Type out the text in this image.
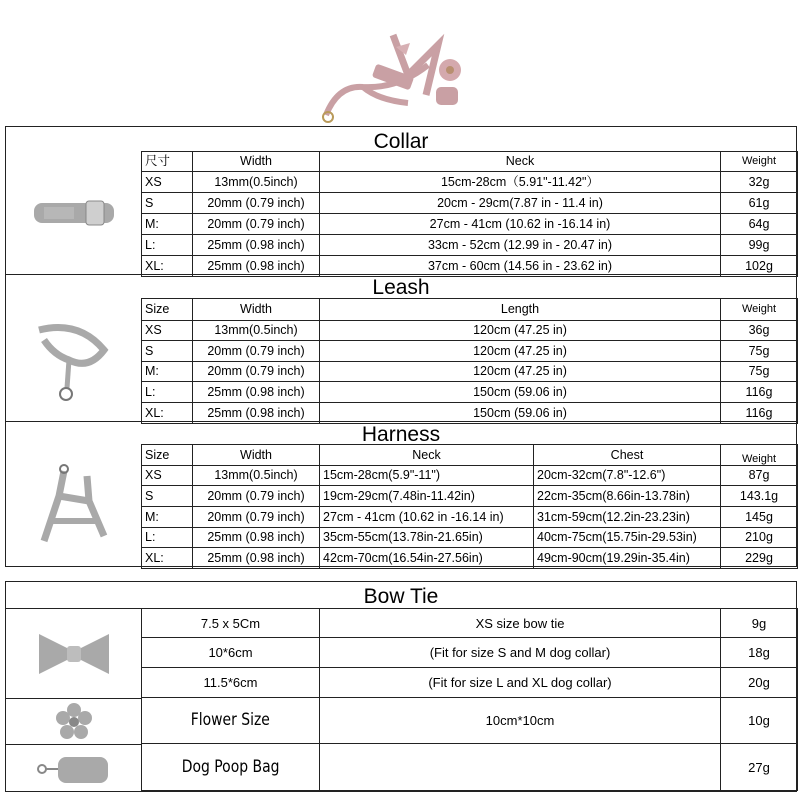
Collar
尺寸	Width	Neck	Weight
XS	13mm(0.5inch)	15cm-28cm（5.91"-11.42"）	32g
S	20mm (0.79 inch)	20cm - 29cm(7.87 in - 11.4 in)	61g
M:	20mm (0.79 inch)	27cm - 41cm (10.62 in -16.14 in)	64g
L:	25mm (0.98 inch)	33cm - 52cm (12.99 in - 20.47 in)	99g
XL:	25mm (0.98 inch)	37cm - 60cm (14.56 in - 23.62 in)	102g
Leash
Size	Width	Length	Weight
XS	13mm(0.5inch)	120cm (47.25 in)	36g
S	20mm (0.79 inch)	120cm (47.25 in)	75g
M:	20mm (0.79 inch)	120cm (47.25 in)	75g
L:	25mm (0.98 inch)	150cm (59.06 in)	116g
XL:	25mm (0.98 inch)	150cm (59.06 in)	116g
Harness
Size	Width	Neck	Chest	Weight
XS	13mm(0.5inch)	15cm-28cm(5.9"-11")	20cm-32cm(7.8"-12.6")	87g
S	20mm (0.79 inch)	19cm-29cm(7.48in-11.42in)	22cm-35cm(8.66in-13.78in)	143.1g
M:	20mm (0.79 inch)	27cm - 41cm (10.62 in -16.14 in)	31cm-59cm(12.2in-23.23in)	145g
L:	25mm (0.98 inch)	35cm-55cm(13.78in-21.65in)	40cm-75cm(15.75in-29.53in)	210g
XL:	25mm (0.98 inch)	42cm-70cm(16.54in-27.56in)	49cm-90cm(19.29in-35.4in)	229g
Bow Tie
7.5 x 5Cm	XS size bow tie	9g
10*6cm	(Fit for size S and M dog collar)	18g
11.5*6cm	(Fit for size L and XL dog collar)	20g
Flower Size	10cm*10cm	10g
Dog Poop Bag		27g
